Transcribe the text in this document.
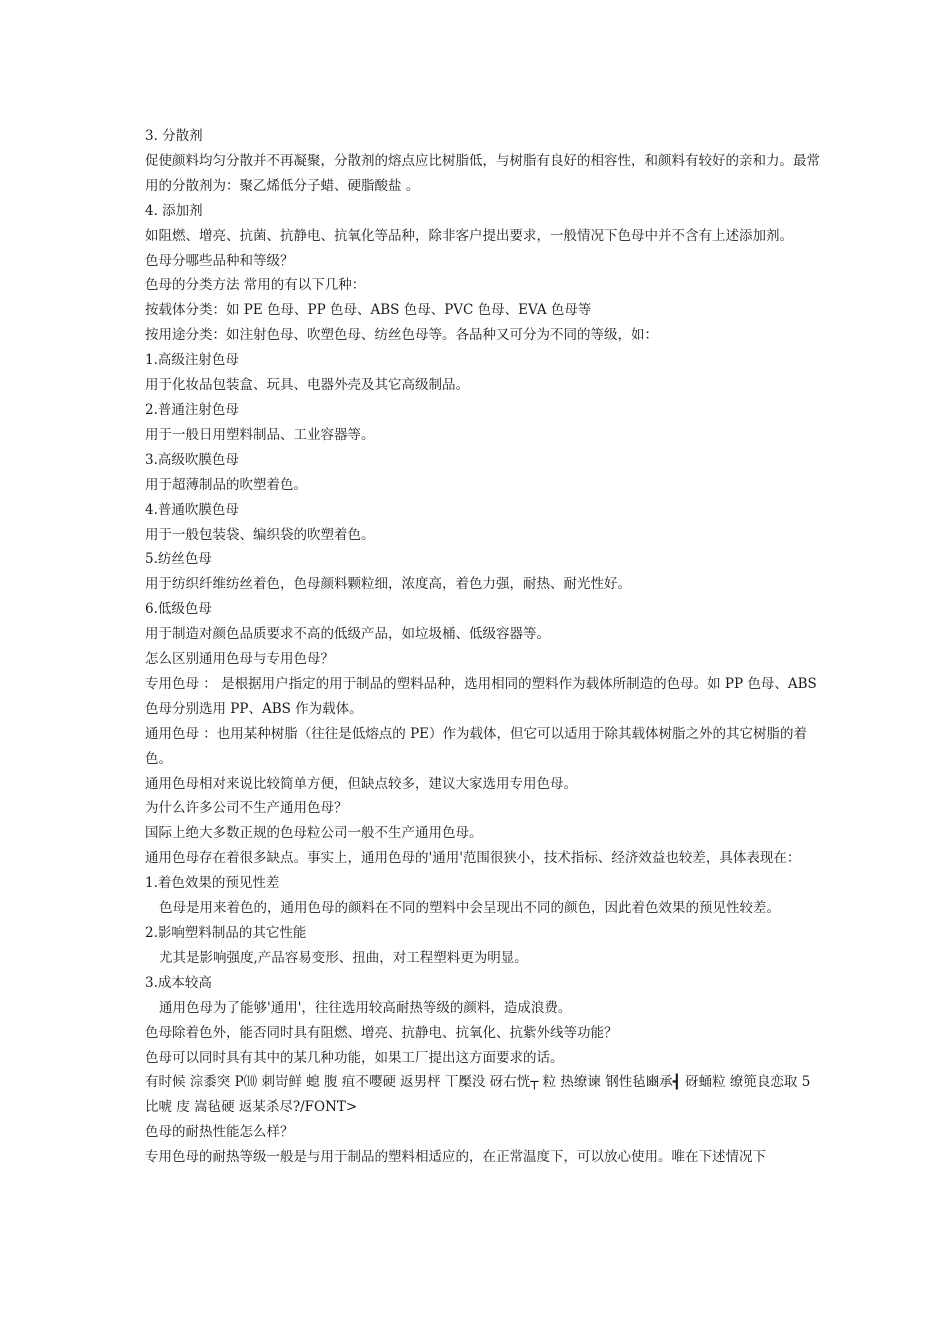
3. 分散剂

促使颜料均匀分散并不再凝聚，分散剂的熔点应比树脂低，与树脂有良好的相容性，和颜料有较好的亲和力。最常用的分散剂为：聚乙烯低分子蜡、硬脂酸盐 。

4. 添加剂

如阻燃、增亮、抗菌、抗静电、抗氧化等品种，除非客户提出要求，一般情况下色母中并不含有上述添加剂。

色母分哪些品种和等级？

色母的分类方法 常用的有以下几种：

按载体分类：如 PE 色母、PP 色母、ABS 色母、PVC 色母、EVA 色母等

按用途分类：如注射色母、吹塑色母、纺丝色母等。各品种又可分为不同的等级，如：

1.高级注射色母

用于化妆品包装盒、玩具、电器外壳及其它高级制品。

2.普通注射色母

用于一般日用塑料制品、工业容器等。

3.高级吹膜色母

用于超薄制品的吹塑着色。

4.普通吹膜色母

用于一般包装袋、编织袋的吹塑着色。

5.纺丝色母

用于纺织纤维纺丝着色，色母颜料颗粒细，浓度高，着色力强，耐热、耐光性好。

6.低级色母

用于制造对颜色品质要求不高的低级产品，如垃圾桶、低级容器等。

怎么区别通用色母与专用色母？

专用色母 ： 是根据用户指定的用于制品的塑料品种，选用相同的塑料作为载体所制造的色母。如 PP 色母、ABS 色母分别选用 PP、ABS 作为载体。

通用色母 ：也用某种树脂（往往是低熔点的 PE）作为载体，但它可以适用于除其载体树脂之外的其它树脂的着色。

通用色母相对来说比较简单方便，但缺点较多，建议大家选用专用色母。

为什么许多公司不生产通用色母？

国际上绝大多数正规的色母粒公司一般不生产通用色母。

通用色母存在着很多缺点。事实上，通用色母的'通用'范围很狭小，技术指标、经济效益也较差，具体表现在：

1.着色效果的预见性差

色母是用来着色的，通用色母的颜料在不同的塑料中会呈现出不同的颜色，因此着色效果的预见性较差。

2.影响塑料制品的其它性能

尤其是影响强度,产品容易变形、扭曲，对工程塑料更为明显。

3.成本较高

通用色母为了能够'通用'，往往选用较高耐热等级的颜料，造成浪费。

色母除着色外，能否同时具有阻燃、增亮、抗静电、抗氧化、抗紫外线等功能？

色母可以同时具有其中的某几种功能，如果工厂提出这方面要求的话。

有时候 淙黍突 P⑽ 刺岢鲜 螅 腹 疽不嘤硬 返男枰 丅檿没 砑右恍┬ 粒 热缭谏 钢性毡豳承┫ 砑蛹粒 缭篼良恋取 5 比唬 庋 嵩毡硬 返某杀尽?/FONT>

色母的耐热性能怎么样？

专用色母的耐热等级一般是与用于制品的塑料相适应的，在正常温度下，可以放心使用。唯在下述情况下
